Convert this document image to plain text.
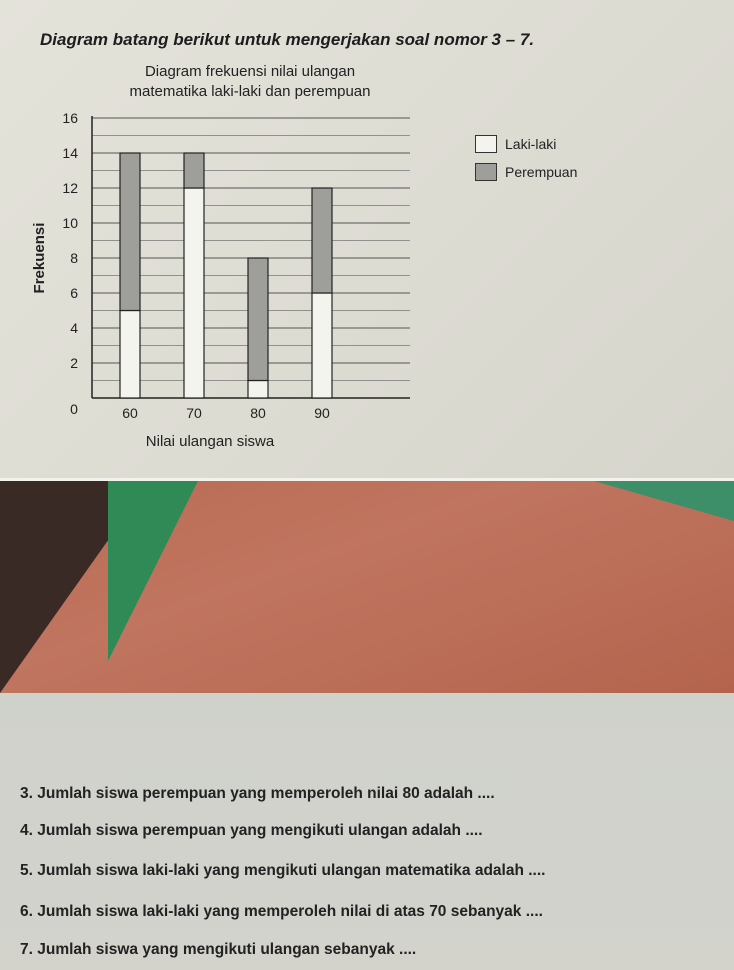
Diagram batang berikut untuk mengerjakan soal nomor 3 – 7.
Diagram frekuensi nilai ulangan
matematika laki-laki dan perempuan
2
4
6
8
10
12
14
16
0	60	70	80	90
Nilai ulangan siswa
Frekuensi
Laki-laki
Perempuan
3. Jumlah siswa perempuan yang memperoleh nilai 80 adalah ....
4. Jumlah siswa perempuan yang mengikuti ulangan adalah ....
5. Jumlah siswa laki-laki yang mengikuti ulangan matematika adalah ....
6. Jumlah siswa laki-laki yang memperoleh nilai di atas 70 sebanyak ....
7. Jumlah siswa yang mengikuti ulangan sebanyak ....
